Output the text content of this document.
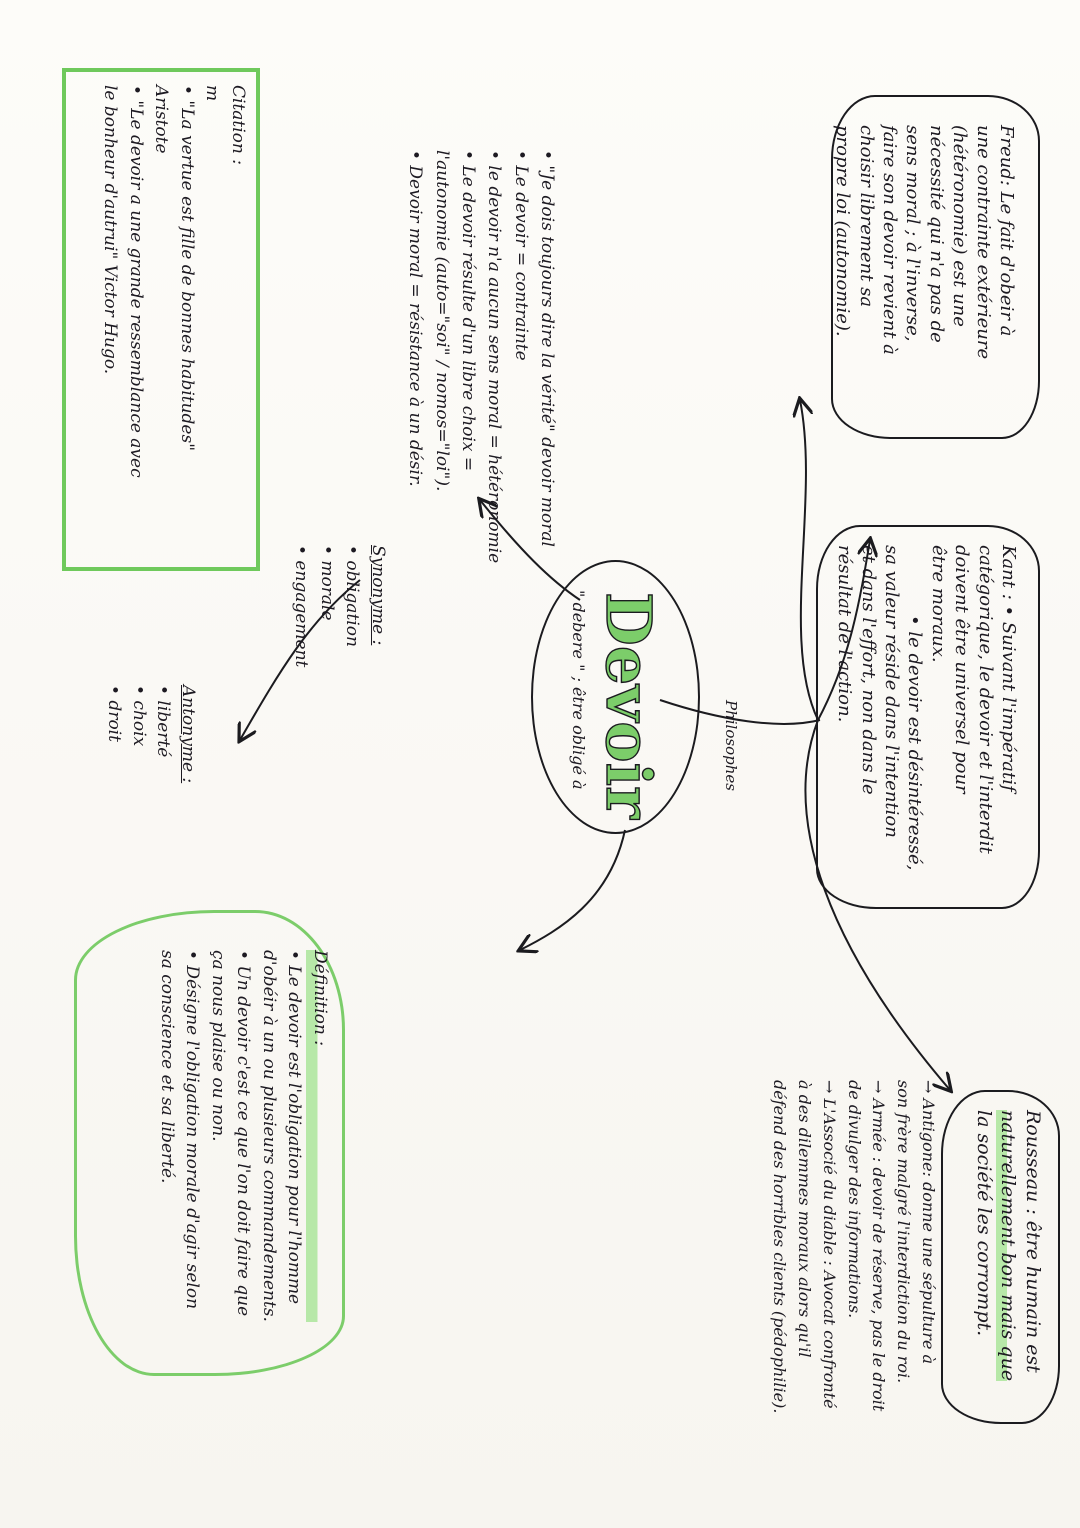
Freud: Le fait d'obeir à
une contrainte extérieure
(hétéronomie) est une
nécessité qui n'a pas de
sens moral ; à l'inverse,
faire son devoir revient à
choisir librement sa
propre loi (autonomie).
Kant : • Suivant l'impératif
catégorique, le devoir et l'interdit
doivent être universel pour
être moraux.
• le devoir est désintéressé,
sa valeur réside dans l'intention
et dans l'effort, non dans le
résultat de l'action.
Rousseau : être humain est
naturellement bon mais que
la société les corrompt.
→ Antigone: donne une sépulture à
son frère malgré l'interdiction du roi.
→ Armée : devoir de réserve, pas le droit
de divulger des informations.
→ L'Associé du diable : Avocat confronté
à des dilemmes moraux alors qu'il
défend des horribles clients (pédophilie).
Définition :
• Le devoir est l'obligation pour l'homme
d'obéir à un ou plusieurs commandements.
• Un devoir c'est ce que l'on doit faire que
ça nous plaise ou non.
• Désigne l'obligation morale d'agir selon
sa conscience et sa liberté.
Devoir
" debere " ; être obligé à	Philosophes
• "Je dois toujours dire la vérité" devoir moral
• Le devoir = contrainte
• le devoir n'a aucun sens moral = hétéronomie
• Le devoir résulte d'un libre choix =
l'autonomie (auto="soi" / nomos="loi").
• Devoir moral = résistance à un désir.
Synonyme :
• obligation
• morale
• engagement
Antonyme :
• liberté
• choix
• droit
Citation :
m
• "La vertue est fille de bonnes habitudes"
Aristote
• "Le devoir a une grande ressemblance avec
le bonheur d'autrui" Victor Hugo.
